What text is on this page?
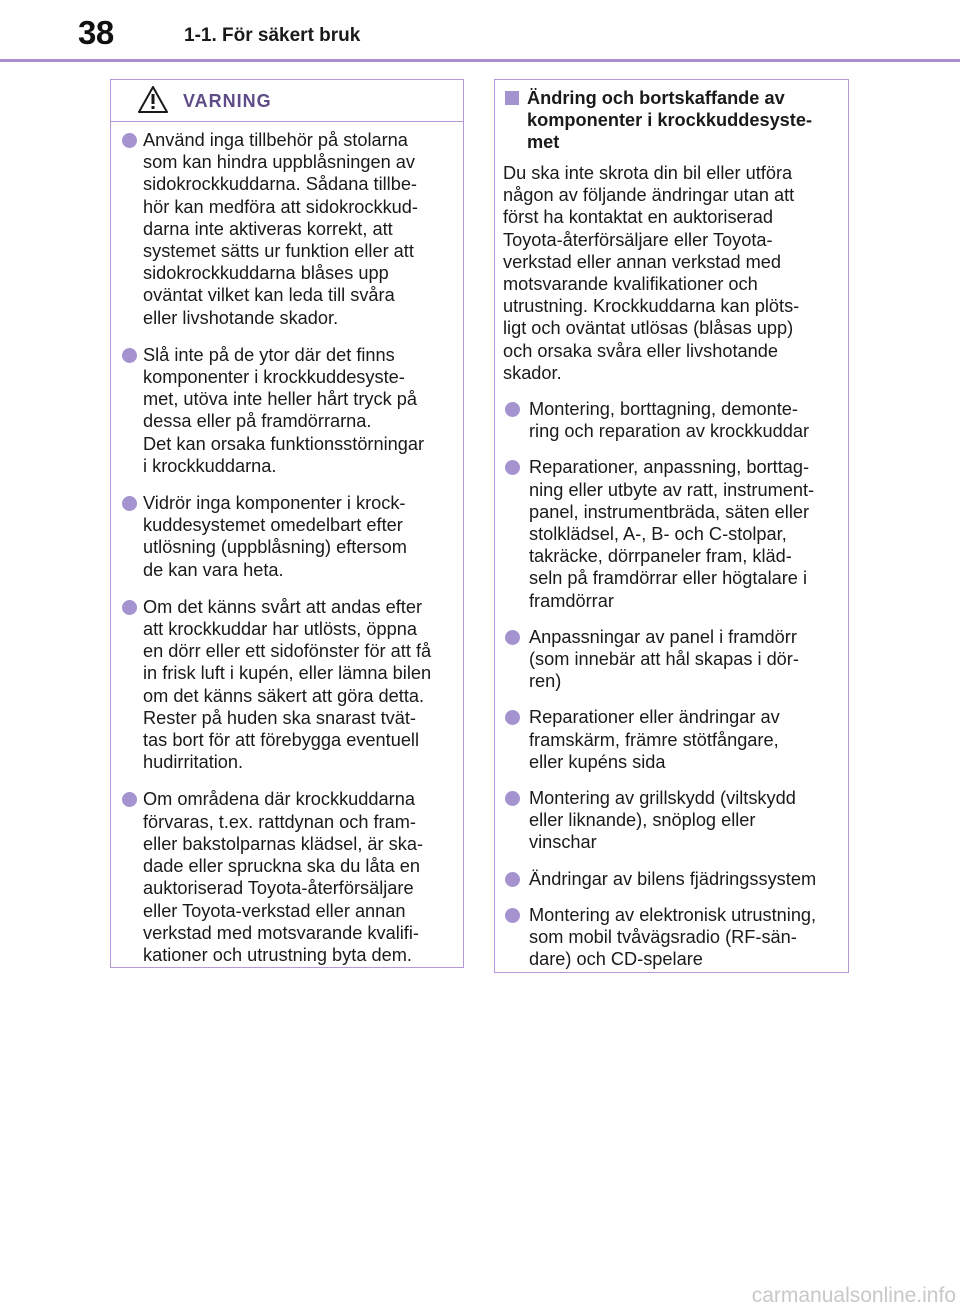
38	1-1. För säkert bruk
VARNING
Använd inga tillbehör på stolarna
som kan hindra uppblåsningen av
sidokrockkuddarna. Sådana tillbe-
hör kan medföra att sidokrockkud-
darna inte aktiveras korrekt, att
systemet sätts ur funktion eller att
sidokrockkuddarna blåses upp
oväntat vilket kan leda till svåra
eller livshotande skador.
Slå inte på de ytor där det finns
komponenter i krockkuddesyste-
met, utöva inte heller hårt tryck på
dessa eller på framdörrarna.
Det kan orsaka funktionsstörningar
i krockkuddarna.
Vidrör inga komponenter i krock-
kuddesystemet omedelbart efter
utlösning (uppblåsning) eftersom
de kan vara heta.
Om det känns svårt att andas efter
att krockkuddar har utlösts, öppna
en dörr eller ett sidofönster för att få
in frisk luft i kupén, eller lämna bilen
om det känns säkert att göra detta.
Rester på huden ska snarast tvät-
tas bort för att förebygga eventuell
hudirritation.
Om områdena där krockkuddarna
förvaras, t.ex. rattdynan och fram-
eller bakstolparnas klädsel, är ska-
dade eller spruckna ska du låta en
auktoriserad Toyota-återförsäljare
eller Toyota-verkstad eller annan
verkstad med motsvarande kvalifi-
kationer och utrustning byta dem.
Ändring och bortskaffande av
komponenter i krockkuddesyste-
met
Du ska inte skrota din bil eller utföra
någon av följande ändringar utan att
först ha kontaktat en auktoriserad
Toyota-återförsäljare eller Toyota-
verkstad eller annan verkstad med
motsvarande kvalifikationer och
utrustning. Krockkuddarna kan plöts-
ligt och oväntat utlösas (blåsas upp)
och orsaka svåra eller livshotande
skador.
Montering, borttagning, demonte-
ring och reparation av krockkuddar
Reparationer, anpassning, borttag-
ning eller utbyte av ratt, instrument-
panel, instrumentbräda, säten eller
stolklädsel, A-, B- och C-stolpar,
takräcke, dörrpaneler fram, kläd-
seln på framdörrar eller högtalare i
framdörrar
Anpassningar av panel i framdörr
(som innebär att hål skapas i dör-
ren)
Reparationer eller ändringar av
framskärm, främre stötfångare,
eller kupéns sida
Montering av grillskydd (viltskydd
eller liknande), snöplog eller
vinschar
Ändringar av bilens fjädringssystem
Montering av elektronisk utrustning,
som mobil tvåvägsradio (RF-sän-
dare) och CD-spelare
carmanualsonline.info
